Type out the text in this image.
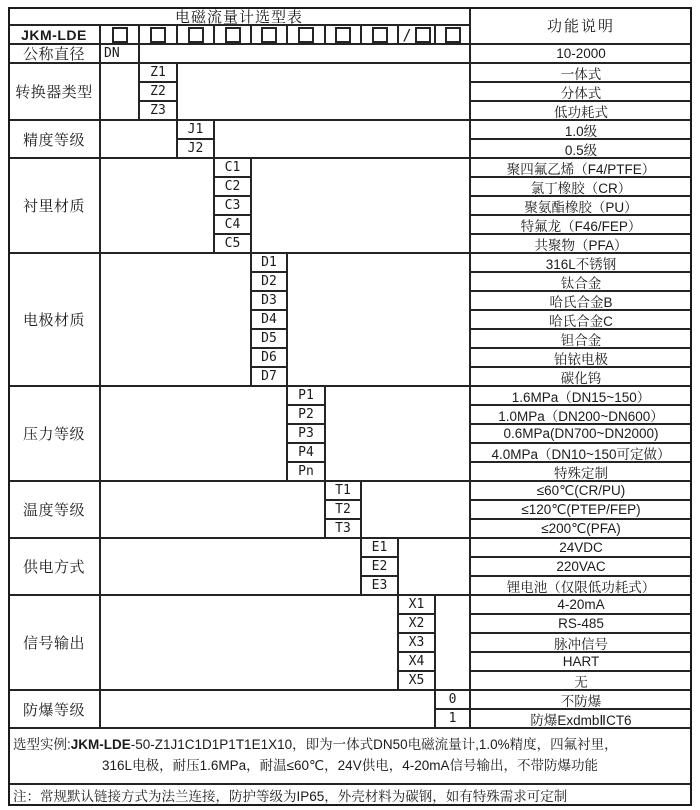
电磁流量计选型表
功能说明
JKM-LDE
选型实例:JKM-LDE-50-Z1J1C1D1P1T1E1X10，即为一体式DN50电磁流量计,1.0%精度，四氟衬里，
316L电极，耐压1.6MPa，耐温≤60℃，24V供电，4-20mA信号输出，不带防爆功能
注：常规默认链接方式为法兰连接，防护等级为IP65，外壳材料为碳钢，如有特殊需求可定制
/
公称直径	DN	10-2000
转换器类型
Z1	一体式
Z2	分体式
Z3	低功耗式
精度等级
J1	1.0级
J2	0.5级
衬里材质
C1	聚四氟乙烯（F4/PTFE）
C2	氯丁橡胶（CR）
C3	聚氨酯橡胶（PU）
C4	特氟龙（F46/FEP）
C5	共聚物（PFA）
电极材质
D1	316L不锈钢
D2	钛合金
D3	哈氏合金B
D4	哈氏合金C
D5	钽合金
D6	铂铱电极
D7	碳化钨
压力等级
P1	1.6MPa（DN15~150）
P2	1.0MPa（DN200~DN600）
P3	0.6MPa(DN700~DN2000)
P4	4.0MPa（DN10~150可定做）
Pn	特殊定制
温度等级
T1	≤60℃(CR/PU)
T2	≤120℃(PTEP/FEP)
T3	≤200℃(PFA)
供电方式
E1	24VDC
E2	220VAC
E3	锂电池（仅限低功耗式）
信号输出
X1	4-20mA
X2	RS-485
X3	脉冲信号
X4	HART
X5	无
防爆等级
0	不防爆
1	防爆ExdmbⅡCT6
